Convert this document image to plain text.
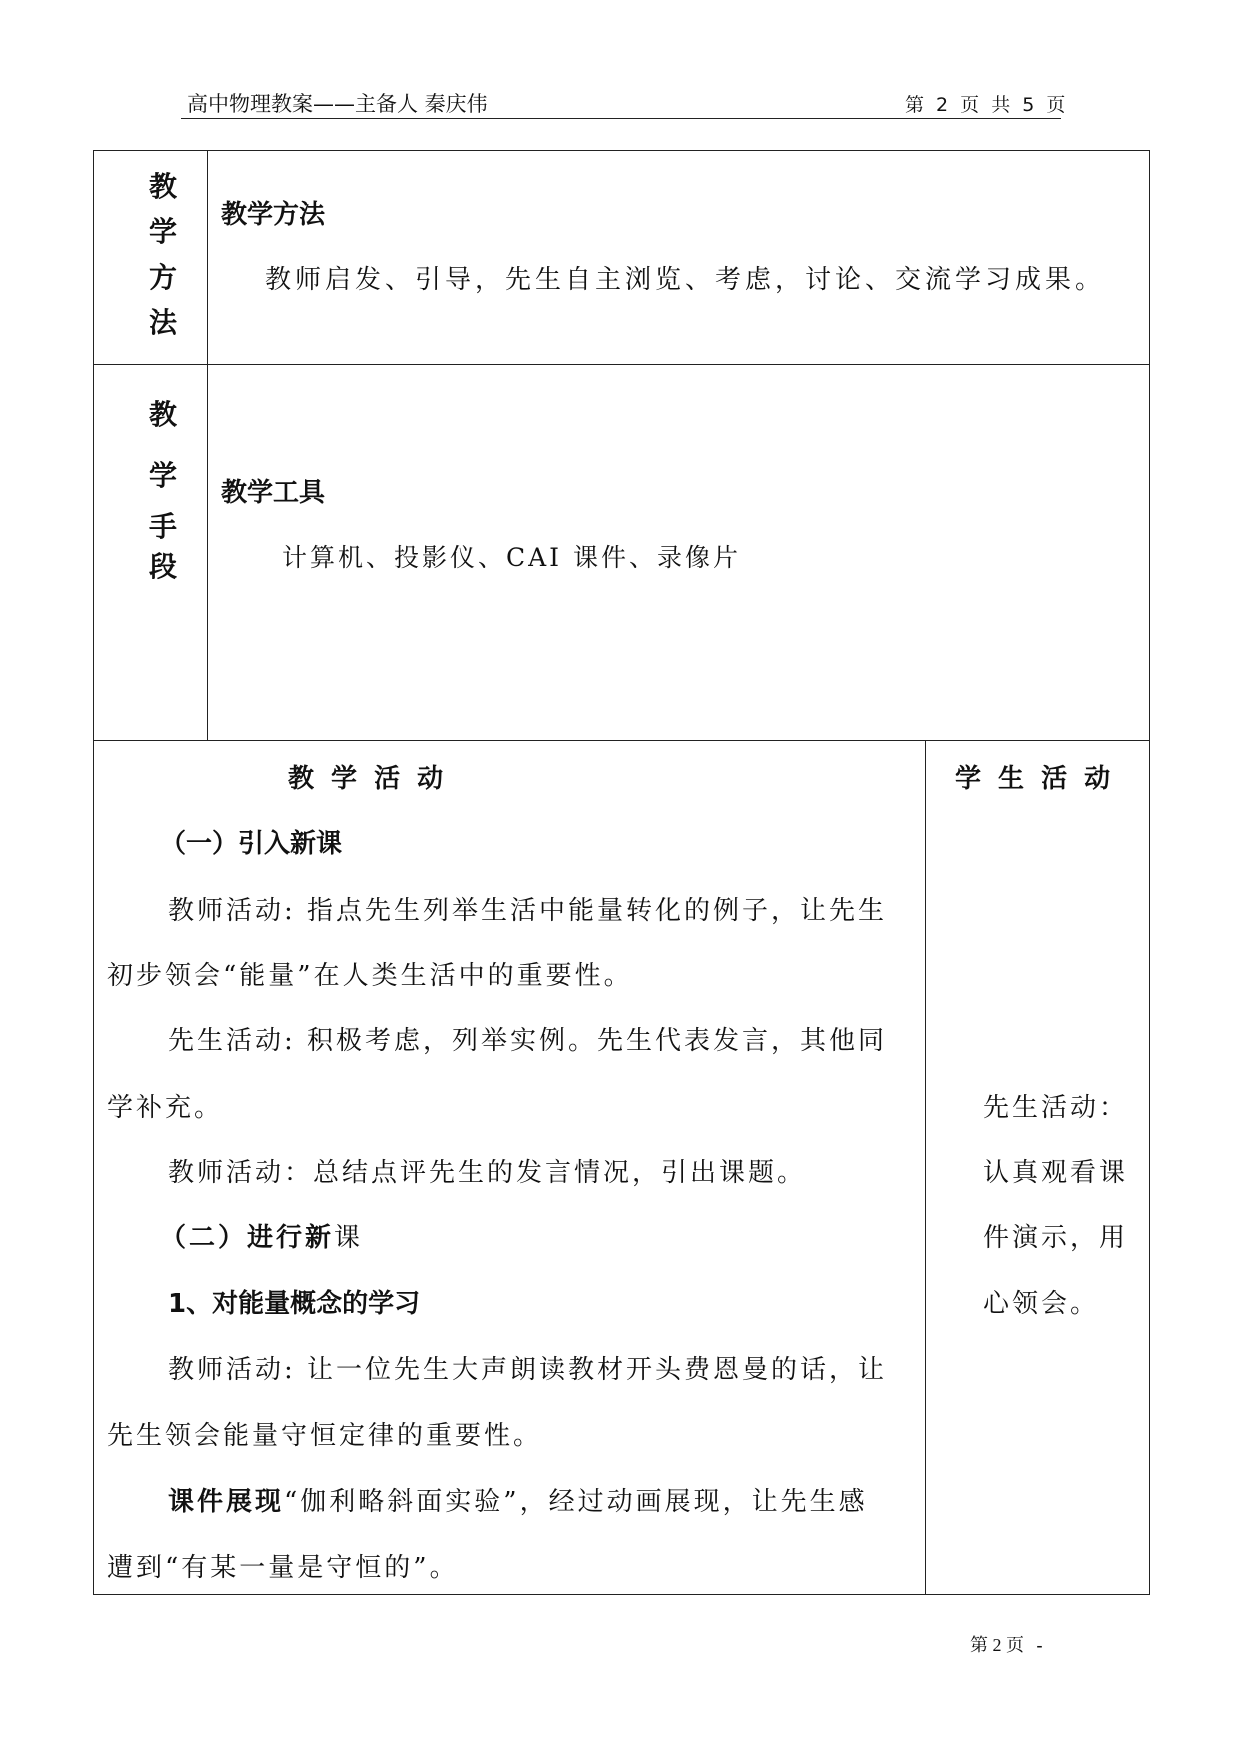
高中物理教案——主备人 秦庆伟	第 2 页 共 5 页
教
学
方
法
教学方法
教师启发、引导，先生自主浏览、考虑，讨论、交流学习成果。
教
学
手
段
教学工具
计算机、投影仪、CAI 课件、录像片
教 学 活 动	学 生 活 动
（一）引入新课
教师活动: 指点先生列举生活中能量转化的例子，让先生
初步领会“能量”在人类生活中的重要性。
先生活动: 积极考虑，列举实例。先生代表发言，其他同
学补充。
教师活动：总结点评先生的发言情况，引出课题。
（二）进行新课
1、对能量概念的学习
教师活动: 让一位先生大声朗读教材开头费恩曼的话，让
先生领会能量守恒定律的重要性。
课件展现“伽利略斜面实验”，经过动画展现，让先生感
遭到“有某一量是守恒的”。
先生活动：
认真观看课
件演示，用
心领会。
第 2 页 -
